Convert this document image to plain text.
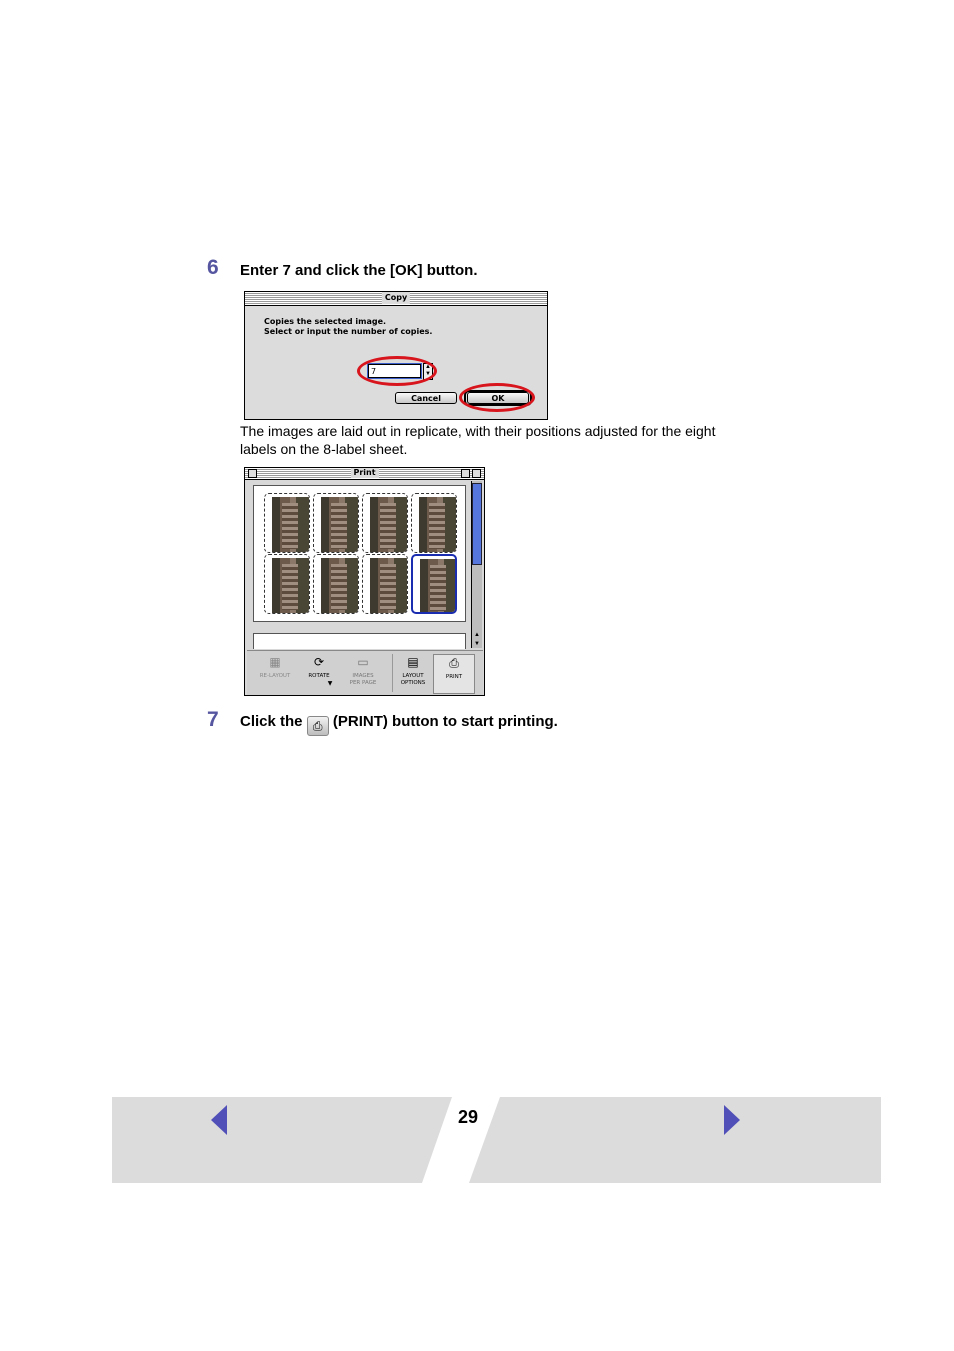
6 Enter 7 and click the [OK] button.
Copy
Copies the selected image.
Select or input the number of copies.
7	▲
▼
Cancel	OK
The images are laid out in replicate, with their positions adjusted for the eight
labels on the 8-label sheet.
Print
▲
▼
▦
RE-LAYOUT
⟳
ROTATE
▼
▭
IMAGES
PER PAGE
▤
LAYOUT
OPTIONS
⎙
PRINT
7 Click the ⎙ (PRINT) button to start printing.
29
